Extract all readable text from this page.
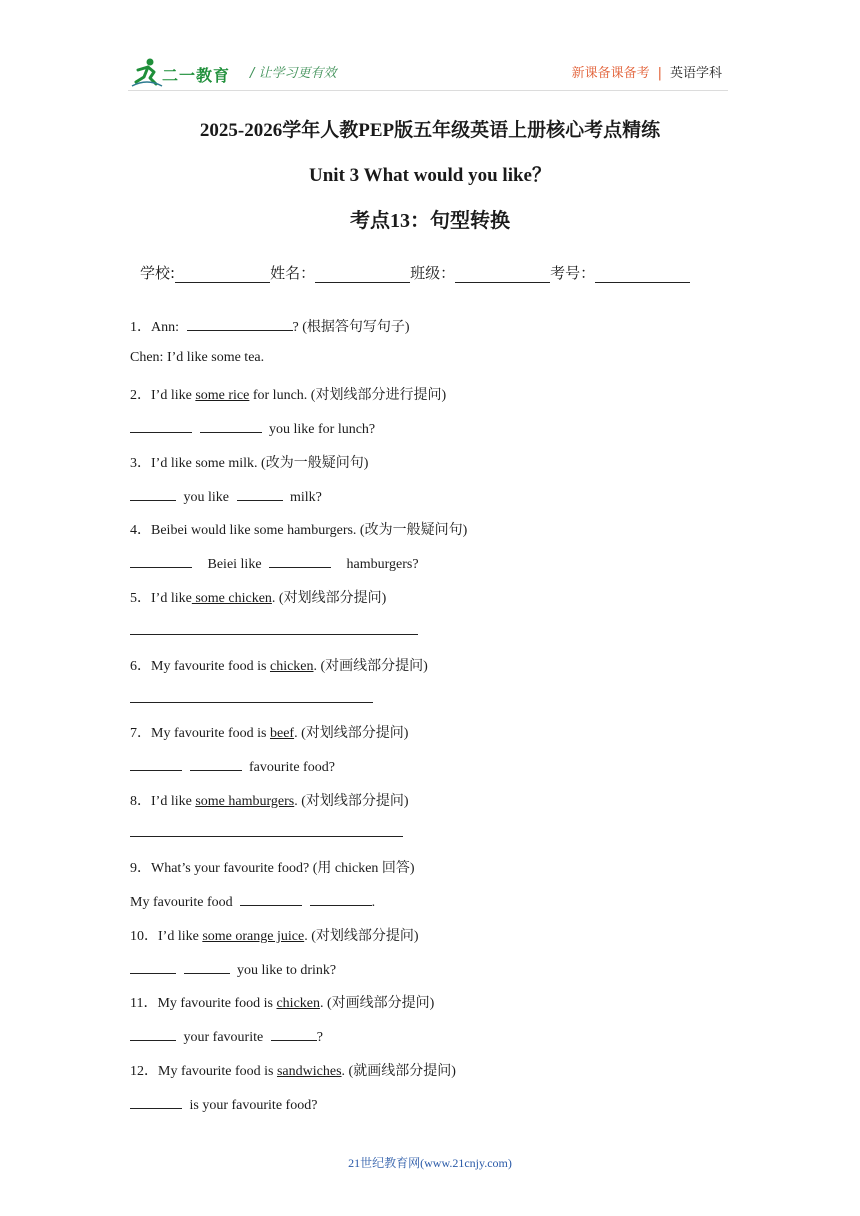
二一教育 / 让学习更有效	新课备课备考 | 英语学科
2025-2026学年人教PEP版五年级英语上册核心考点精练
Unit 3 What would you like？
考点13：句型转换
学校:	姓名：	班级：	考号：
1．Ann:	? (根据答句写句子)
Chen: I’d like some tea.
2．I’d like some rice for lunch. (对划线部分进行提问)
you like for lunch?
3．I’d like some milk. (改为一般疑问句)
you like	milk?
4．Beibei would like some hamburgers. (改为一般疑问句)
Beiei like	hamburgers?
5．I’d like some chicken. (对划线部分提问)
6．My favourite food is chicken. (对画线部分提问)
7．My favourite food is beef. (对划线部分提问)
favourite food?
8．I’d like some hamburgers. (对划线部分提问)
9．What’s your favourite food? (用 chicken 回答)
My favourite food	.
10．I’d like some orange juice. (对划线部分提问)
you like to drink?
11．My favourite food is chicken. (对画线部分提问)
your favourite	?
12．My favourite food is sandwiches. (就画线部分提问)
is your favourite food?
21世纪教育网(www.21cnjy.com)
